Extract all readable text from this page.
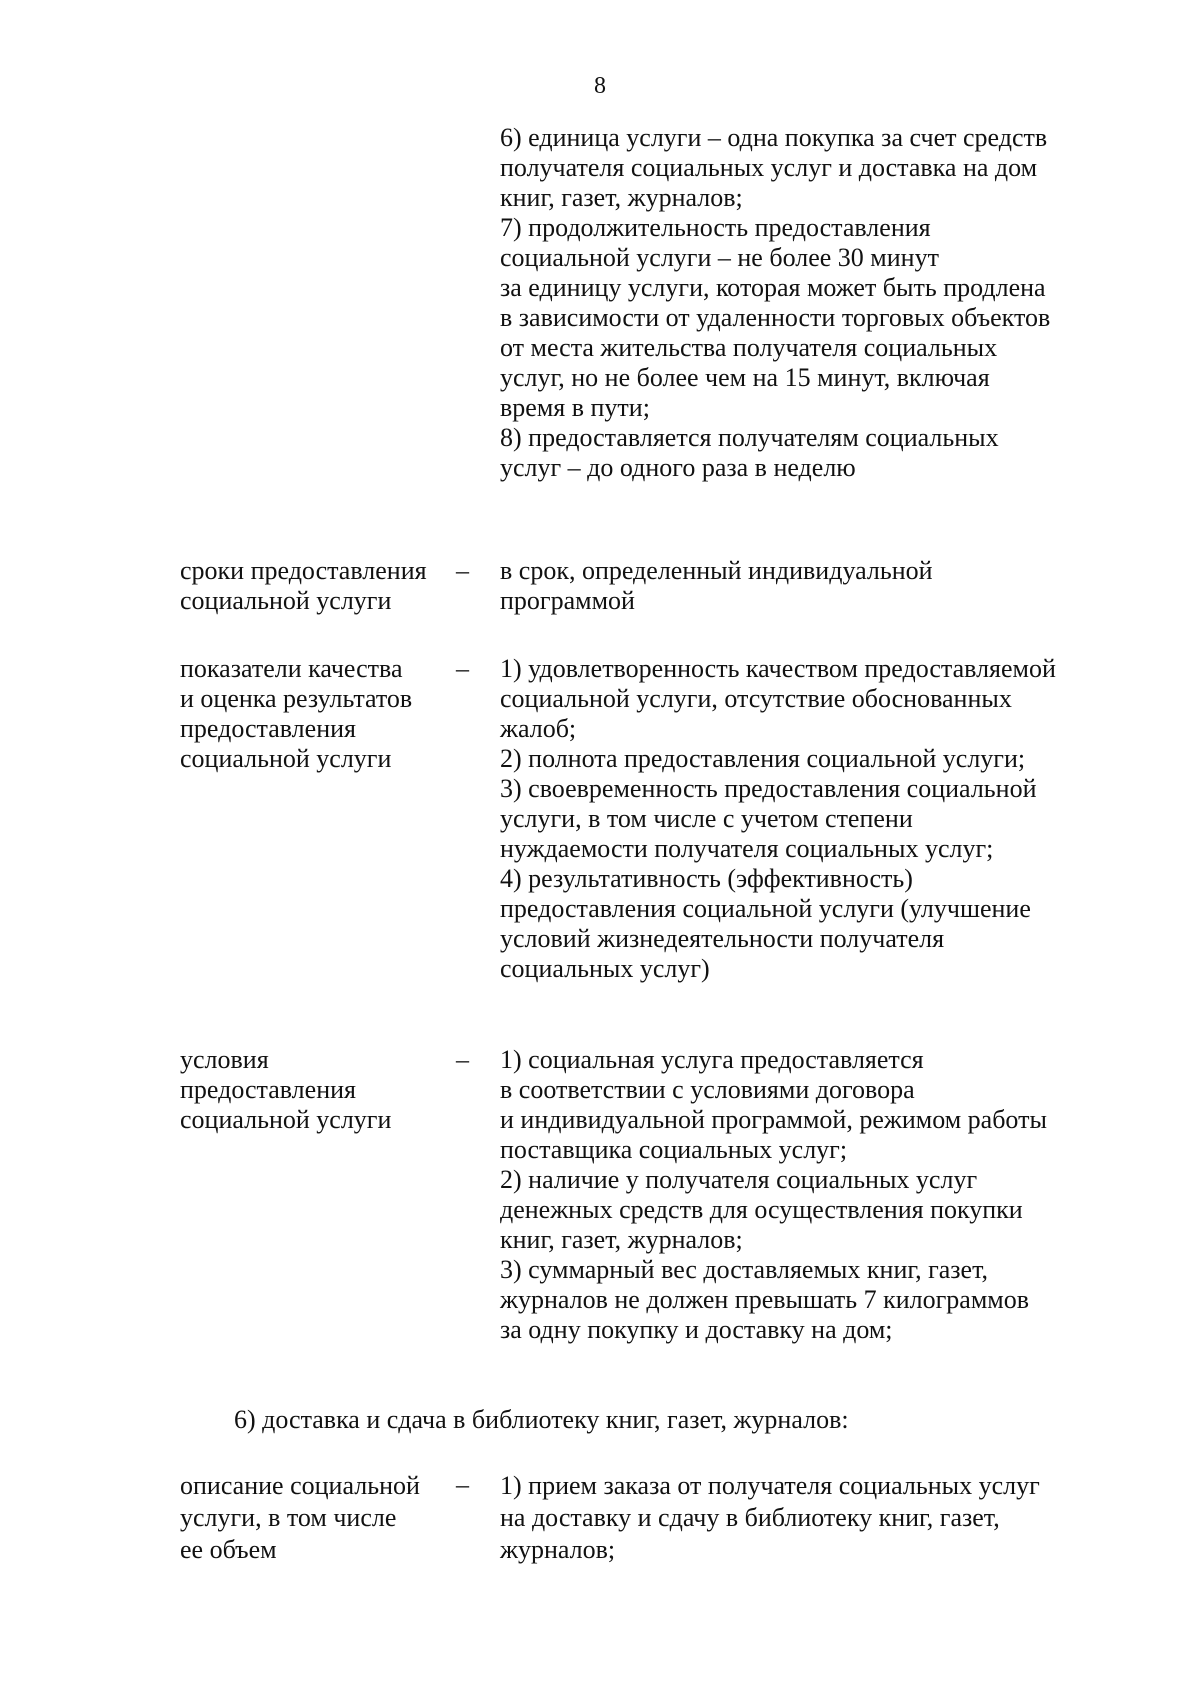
8
6) единица услуги – одна покупка за счет средств
получателя социальных услуг и доставка на дом
книг, газет, журналов;
7) продолжительность предоставления
социальной услуги – не более 30 минут
за единицу услуги, которая может быть продлена
в зависимости от удаленности торговых объектов
от места жительства получателя социальных
услуг, но не более чем на 15 минут, включая
время в пути;
8) предоставляется получателям социальных
услуг – до одного раза в неделю
сроки предоставления
социальной услуги
– в срок, определенный индивидуальной
программой
показатели качества
и оценка результатов
предоставления
социальной услуги
– 1) удовлетворенность качеством предоставляемой
социальной услуги, отсутствие обоснованных
жалоб;
2) полнота предоставления социальной услуги;
3) своевременность предоставления социальной
услуги, в том числе с учетом степени
нуждаемости получателя социальных услуг;
4) результативность (эффективность)
предоставления социальной услуги (улучшение
условий жизнедеятельности получателя
социальных услуг)
условия
предоставления
социальной услуги
– 1) социальная услуга предоставляется
в соответствии с условиями договора
и индивидуальной программой, режимом работы
поставщика социальных услуг;
2) наличие у получателя социальных услуг
денежных средств для осуществления покупки
книг, газет, журналов;
3) суммарный вес доставляемых книг, газет,
журналов не должен превышать 7 килограммов
за одну покупку и доставку на дом;
6) доставка и сдача в библиотеку книг, газет, журналов:
описание социальной
услуги, в том числе
ее объем
– 1) прием заказа от получателя социальных услуг
на доставку и сдачу в библиотеку книг, газет,
журналов;
